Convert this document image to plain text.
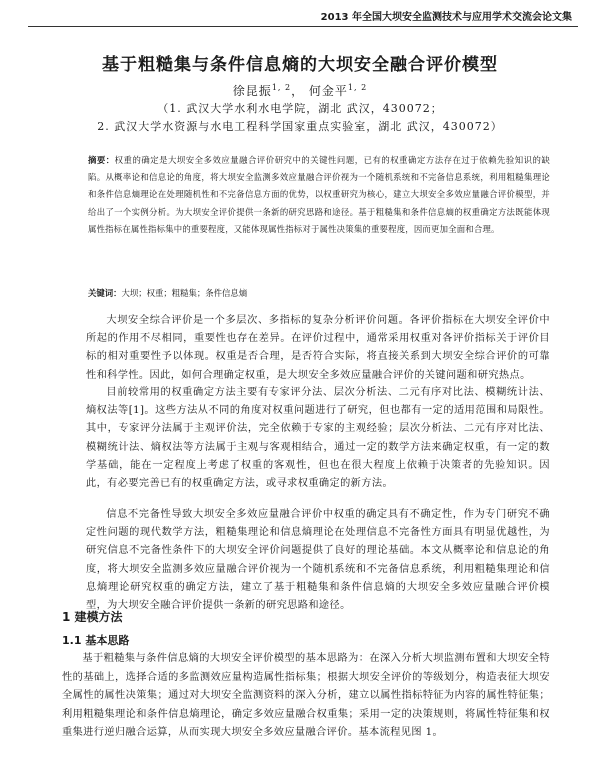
2013 年全国大坝安全监测技术与应用学术交流会论文集
基于粗糙集与条件信息熵的大坝安全融合评价模型
徐昆振$^{1, 2}$， 何金平$^{1, 2}$
（1. 武汉大学水利水电学院，湖北 武汉，430072；
2. 武汉大学水资源与水电工程科学国家重点实验室，湖北 武汉，430072）
摘要：权重的确定是大坝安全多效应量融合评价研究中的关键性问题，已有的权重确定方法存在过于依赖先验知识的缺陷。从概率论和信息论的角度，将大坝安全监测多效应量融合评价视为一个随机系统和不完备信息系统，利用粗糙集理论和条件信息熵理论在处理随机性和不完备信息方面的优势，以权重研究为核心，建立大坝安全多效应量融合评价模型，并给出了一个实例分析。为大坝安全评价提供一条新的研究思路和途径。基于粗糙集和条件信息熵的权重确定方法既能体现属性指标在属性指标集中的重要程度，又能体现属性指标对于属性决策集的重要程度，因而更加全面和合理。
关键词：大坝；权重；粗糙集；条件信息熵

大坝安全综合评价是一个多层次、多指标的复杂分析评价问题。各评价指标在大坝安全评价中所起的作用不尽相同，重要性也存在差异。在评价过程中，通常采用权重对各评价指标关于评价目标的相对重要性予以体现。权重是否合理，是否符合实际，将直接关系到大坝安全综合评价的可靠性和科学性。因此，如何合理确定权重，是大坝安全多效应量融合评价的关键问题和研究热点。

目前较常用的权重确定方法主要有专家评分法、层次分析法、二元有序对比法、模糊统计法、熵权法等[1]。这些方法从不同的角度对权重问题进行了研究，但也都有一定的适用范围和局限性。其中，专家评分法属于主观评价法，完全依赖于专家的主观经验；层次分析法、二元有序对比法、模糊统计法、熵权法等方法属于主观与客观相结合，通过一定的数学方法来确定权重，有一定的数学基础，能在一定程度上考虑了权重的客观性，但也在很大程度上依赖于决策者的先验知识。因此，有必要完善已有的权重确定方法，或寻求权重确定的新方法。

信息不完备性导致大坝安全多效应量融合评价中权重的确定具有不确定性，作为专门研究不确定性问题的现代数学方法，粗糙集理论和信息熵理论在处理信息不完备性方面具有明显优越性，为研究信息不完备性条件下的大坝安全评价问题提供了良好的理论基础。本文从概率论和信息论的角度，将大坝安全监测多效应量融合评价视为一个随机系统和不完备信息系统，利用粗糙集理论和信息熵理论研究权重的确定方法，建立了基于粗糙集和条件信息熵的大坝安全多效应量融合评价模型，为大坝安全融合评价提供一条新的研究思路和途径。

1 建模方法
1.1 基本思路

基于粗糙集与条件信息熵的大坝安全评价模型的基本思路为：在深入分析大坝监测布置和大坝安全特性的基础上，选择合适的多监测效应量构造属性指标集；根据大坝安全评价的等级划分，构造表征大坝安全属性的属性决策集；通过对大坝安全监测资料的深入分析，建立以属性指标特征为内容的属性特征集；利用粗糙集理论和条件信息熵理论，确定多效应量融合权重集；采用一定的决策规则，将属性特征集和权重集进行逆归融合运算，从而实现大坝安全多效应量融合评价。基本流程见图 1。
